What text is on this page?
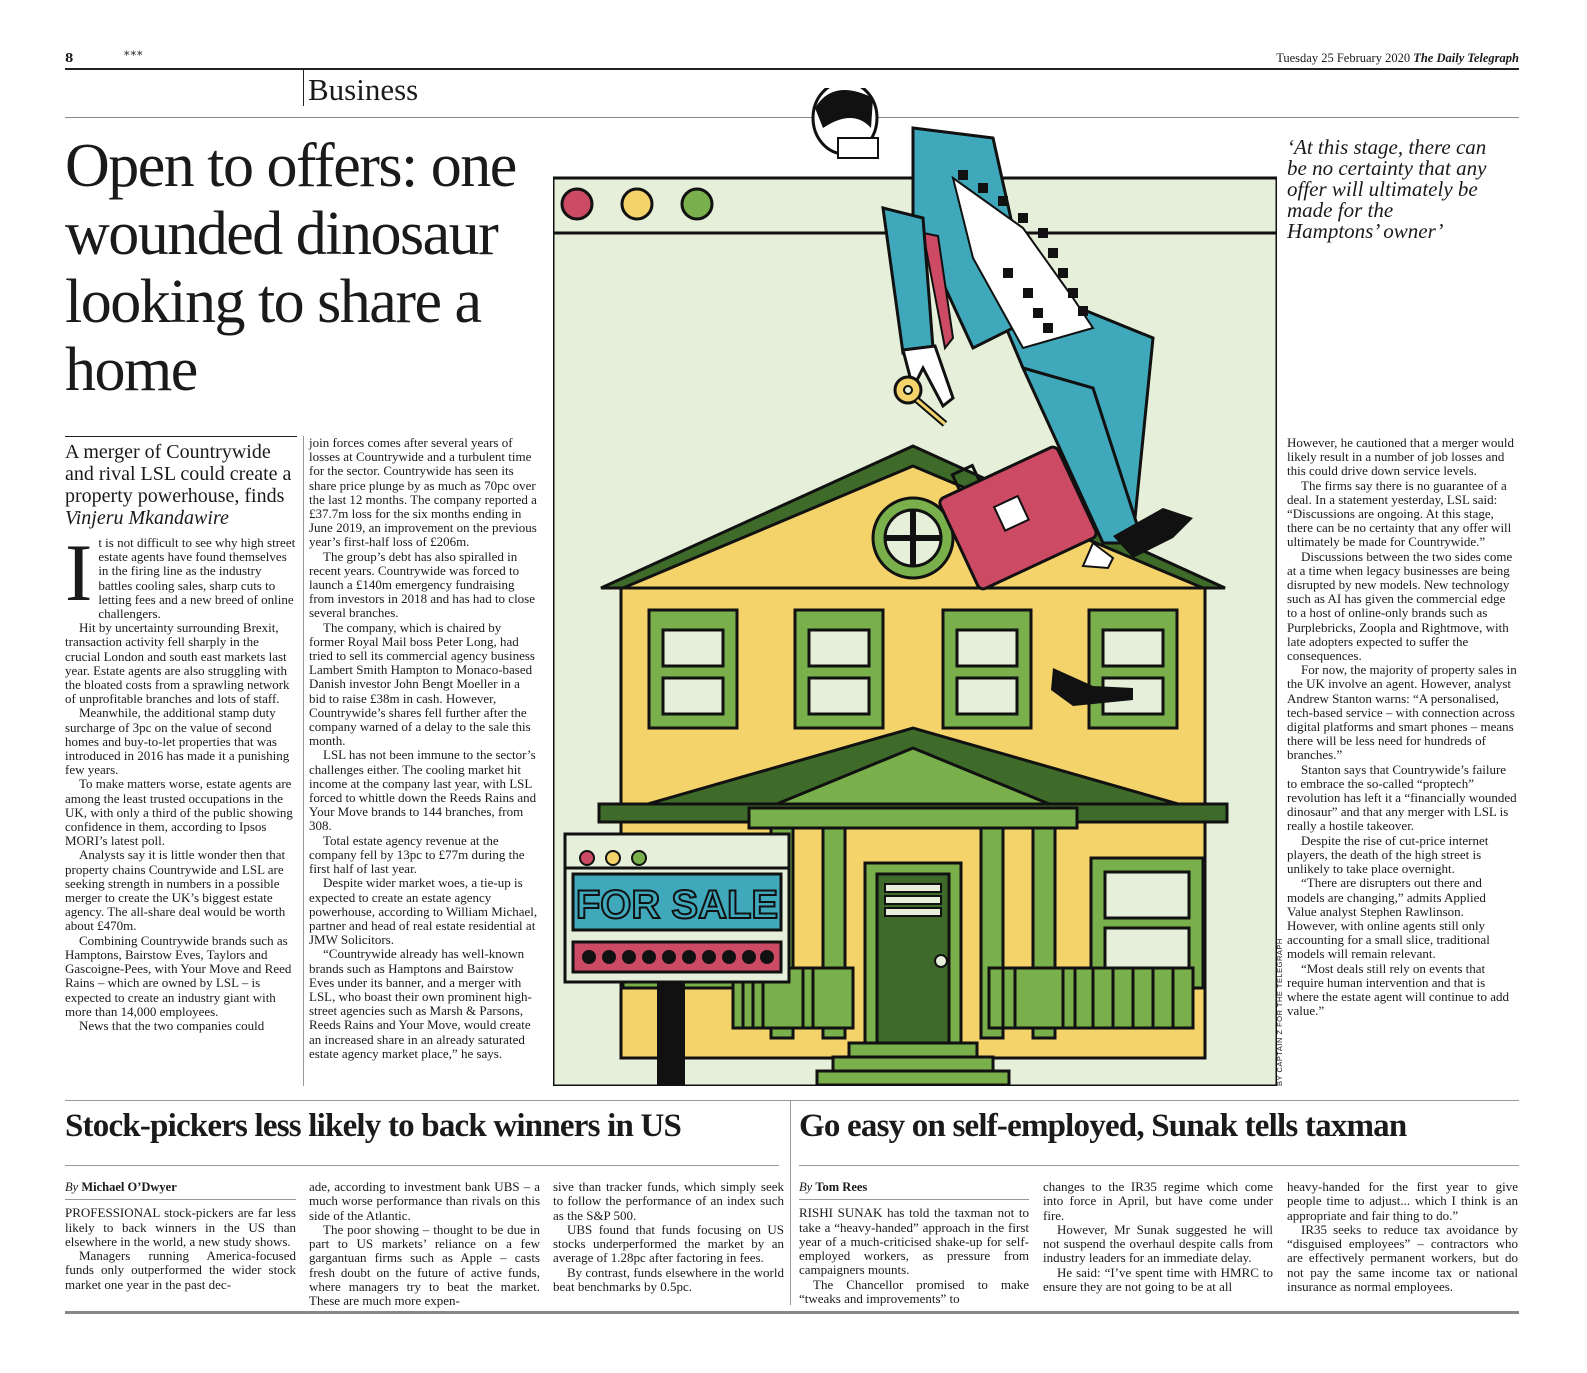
8	***	Tuesday 25 February 2020 The Daily Telegraph
Business
Open to offers: one wounded dinosaur looking to share a home
A merger of Countrywide and rival LSL could create a property powerhouse, finds Vinjeru Mkandawire
I t is not difficult to see why high street estate agents have found themselves in the firing line as the industry battles cooling sales, sharp cuts to letting fees and a new breed of online challengers.

Hit by uncertainty surrounding Brexit, transaction activity fell sharply in the crucial London and south east markets last year. Estate agents are also struggling with the bloated costs from a sprawling network of unprofitable branches and lots of staff.

Meanwhile, the additional stamp duty surcharge of 3pc on the value of second homes and buy-to-let properties that was introduced in 2016 has made it a punishing few years.

To make matters worse, estate agents are among the least trusted occupations in the UK, with only a third of the public showing confidence in them, according to Ipsos MORI’s latest poll.

Analysts say it is little wonder then that property chains Countrywide and LSL are seeking strength in numbers in a possible merger to create the UK’s biggest estate agency. The all-share deal would be worth about £470m.

Combining Countrywide brands such as Hamptons, Bairstow Eves, Taylors and Gascoigne-Pees, with Your Move and Reed Rains – which are owned by LSL – is expected to create an industry giant with more than 14,000 employees.

News that the two companies could

join forces comes after several years of losses at Countrywide and a turbulent time for the sector. Countrywide has seen its share price plunge by as much as 70pc over the last 12 months. The company reported a £37.7m loss for the six months ending in June 2019, an improvement on the previous year’s first-half loss of £206m.

The group’s debt has also spiralled in recent years. Countrywide was forced to launch a £140m emergency fundraising from investors in 2018 and has had to close several branches.

The company, which is chaired by former Royal Mail boss Peter Long, had tried to sell its commercial agency business Lambert Smith Hampton to Monaco-based Danish investor John Bengt Moeller in a bid to raise £38m in cash. However, Countrywide’s shares fell further after the company warned of a delay to the sale this month.

LSL has not been immune to the sector’s challenges either. The cooling market hit income at the company last year, with LSL forced to whittle down the Reeds Rains and Your Move brands to 144 branches, from 308.

Total estate agency revenue at the company fell by 13pc to £77m during the first half of last year.

Despite wider market woes, a tie-up is expected to create an estate agency powerhouse, according to William Michael, partner and head of real estate residential at JMW Solicitors.

“Countrywide already has well-known brands such as Hamptons and Bairstow Eves under its banner, and a merger with LSL, who boast their own prominent high-street agencies such as Marsh & Parsons, Reeds Rains and Your Move, would create an increased share in an already saturated estate agency market place,” he says.

FOR SALE
‘At this stage, there can be no certainty that any offer will ultimately be made for the Hamptons’ owner’
BY CAPTAIN Z FOR THE TELEGRAPH

However, he cautioned that a merger would likely result in a number of job losses and this could drive down service levels.

The firms say there is no guarantee of a deal. In a statement yesterday, LSL said: “Discussions are ongoing. At this stage, there can be no certainty that any offer will ultimately be made for Countrywide.”

Discussions between the two sides come at a time when legacy businesses are being disrupted by new models. New technology such as AI has given the commercial edge to a host of online-only brands such as Purplebricks, Zoopla and Rightmove, with late adopters expected to suffer the consequences.

For now, the majority of property sales in the UK involve an agent. However, analyst Andrew Stanton warns: “A personalised, tech-based service – with connection across digital platforms and smart phones – means there will be less need for hundreds of branches.”

Stanton says that Countrywide’s failure to embrace the so-called “proptech” revolution has left it a “financially wounded dinosaur” and that any merger with LSL is really a hostile takeover.

Despite the rise of cut-price internet players, the death of the high street is unlikely to take place overnight.

“There are disrupters out there and models are changing,” admits Applied Value analyst Stephen Rawlinson. However, with online agents still only accounting for a small slice, traditional models will remain relevant.

“Most deals still rely on events that require human intervention and that is where the estate agent will continue to add value.”

Stock-pickers less likely to back winners in US
By Michael O’Dwyer

PROFESSIONAL stock-pickers are far less likely to back winners in the US than elsewhere in the world, a new study shows.

Managers running America-focused funds only outperformed the wider stock market one year in the past dec-

ade, according to investment bank UBS – a much worse performance than rivals on this side of the Atlantic.

The poor showing – thought to be due in part to US markets’ reliance on a few gargantuan firms such as Apple – casts fresh doubt on the future of active funds, where managers try to beat the market. These are much more expen-

sive than tracker funds, which simply seek to follow the performance of an index such as the S&P 500.

UBS found that funds focusing on US stocks underperformed the market by an average of 1.28pc after factoring in fees.

By contrast, funds elsewhere in the world beat benchmarks by 0.5pc.

Go easy on self-employed, Sunak tells taxman
By Tom Rees

RISHI SUNAK has told the taxman not to take a “heavy-handed” approach in the first year of a much-criticised shake-up for self-employed workers, as pressure from campaigners mounts.

The Chancellor promised to make “tweaks and improvements” to

changes to the IR35 regime which come into force in April, but have come under fire.

However, Mr Sunak suggested he will not suspend the overhaul despite calls from industry leaders for an immediate delay.

He said: “I’ve spent time with HMRC to ensure they are not going to be at all

heavy-handed for the first year to give people time to adjust... which I think is an appropriate and fair thing to do.”

IR35 seeks to reduce tax avoidance by “disguised employees” – contractors who are effectively permanent workers, but do not pay the same income tax or national insurance as normal employees.
